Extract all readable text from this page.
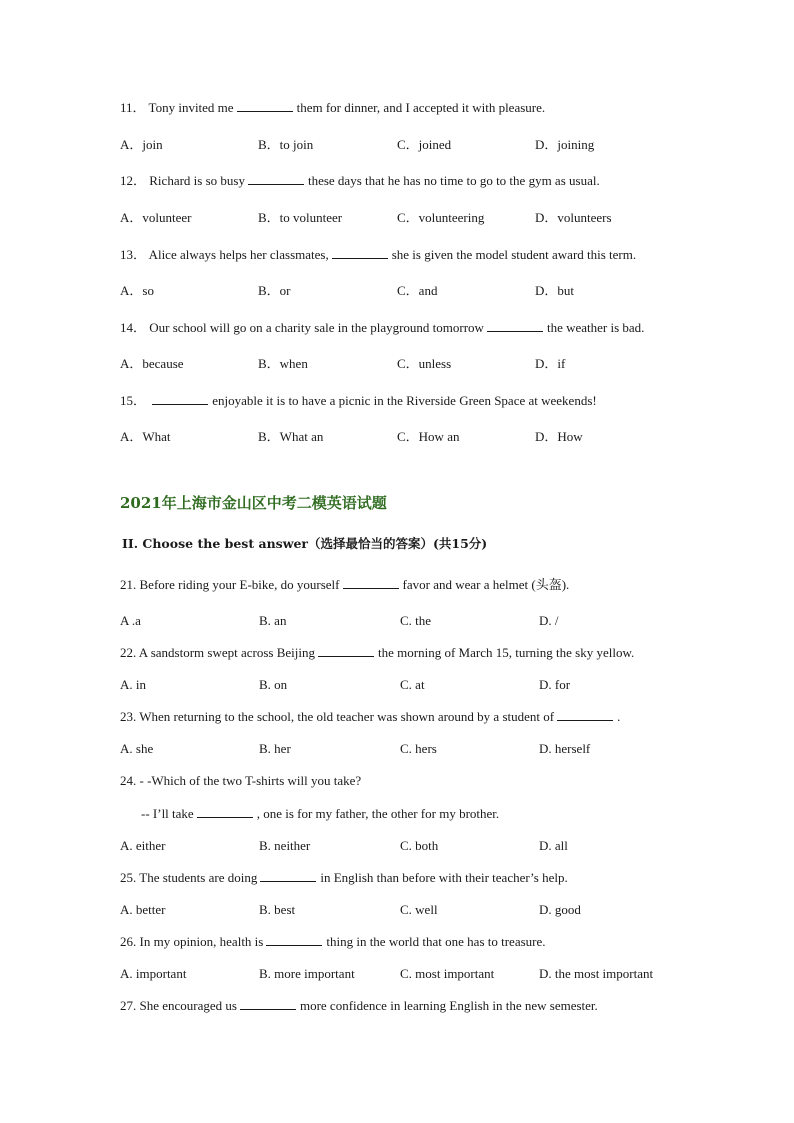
11． Tony invited me	them for dinner, and I accepted it with pleasure.
A．join	B．to join	C．joined	D．joining
12． Richard is so busy	these days that he has no time to go to the gym as usual.
A．volunteer	B．to volunteer	C．volunteering	D．volunteers
13． Alice always helps her classmates,	she is given the model student award this term.
A．so	B．or	C．and	D．but
14． Our school will go on a charity sale in the playground tomorrow	the weather is bad.
A．because	B．when	C．unless	D．if
15．	enjoyable it is to have a picnic in the Riverside Green Space at weekends!
A．What	B．What an	C．How an	D．How
2021年上海市金山区中考二模英语试题
II. Choose the best answer（选择最恰当的答案）(共15分)
21. Before riding your E-bike, do yourself	favor and wear a helmet (头盔).
A .a	B. an	C. the	D. /
22. A sandstorm swept across Beijing	the morning of March 15, turning the sky yellow.
A. in	B. on	C. at	D. for
23. When returning to the school, the old teacher was shown around by a student of	.
A. she	B. her	C. hers	D. herself
24. - -Which of the two T-shirts will you take?
-- I’ll take	, one is for my father, the other for my brother.
A. either	B. neither	C. both	D. all
25. The students are doing	in English than before with their teacher’s help.
A. better	B. best	C. well	D. good
26. In my opinion, health is	thing in the world that one has to treasure.
A. important	B. more important	C. most important	D. the most important
27. She encouraged us	more confidence in learning English in the new semester.
